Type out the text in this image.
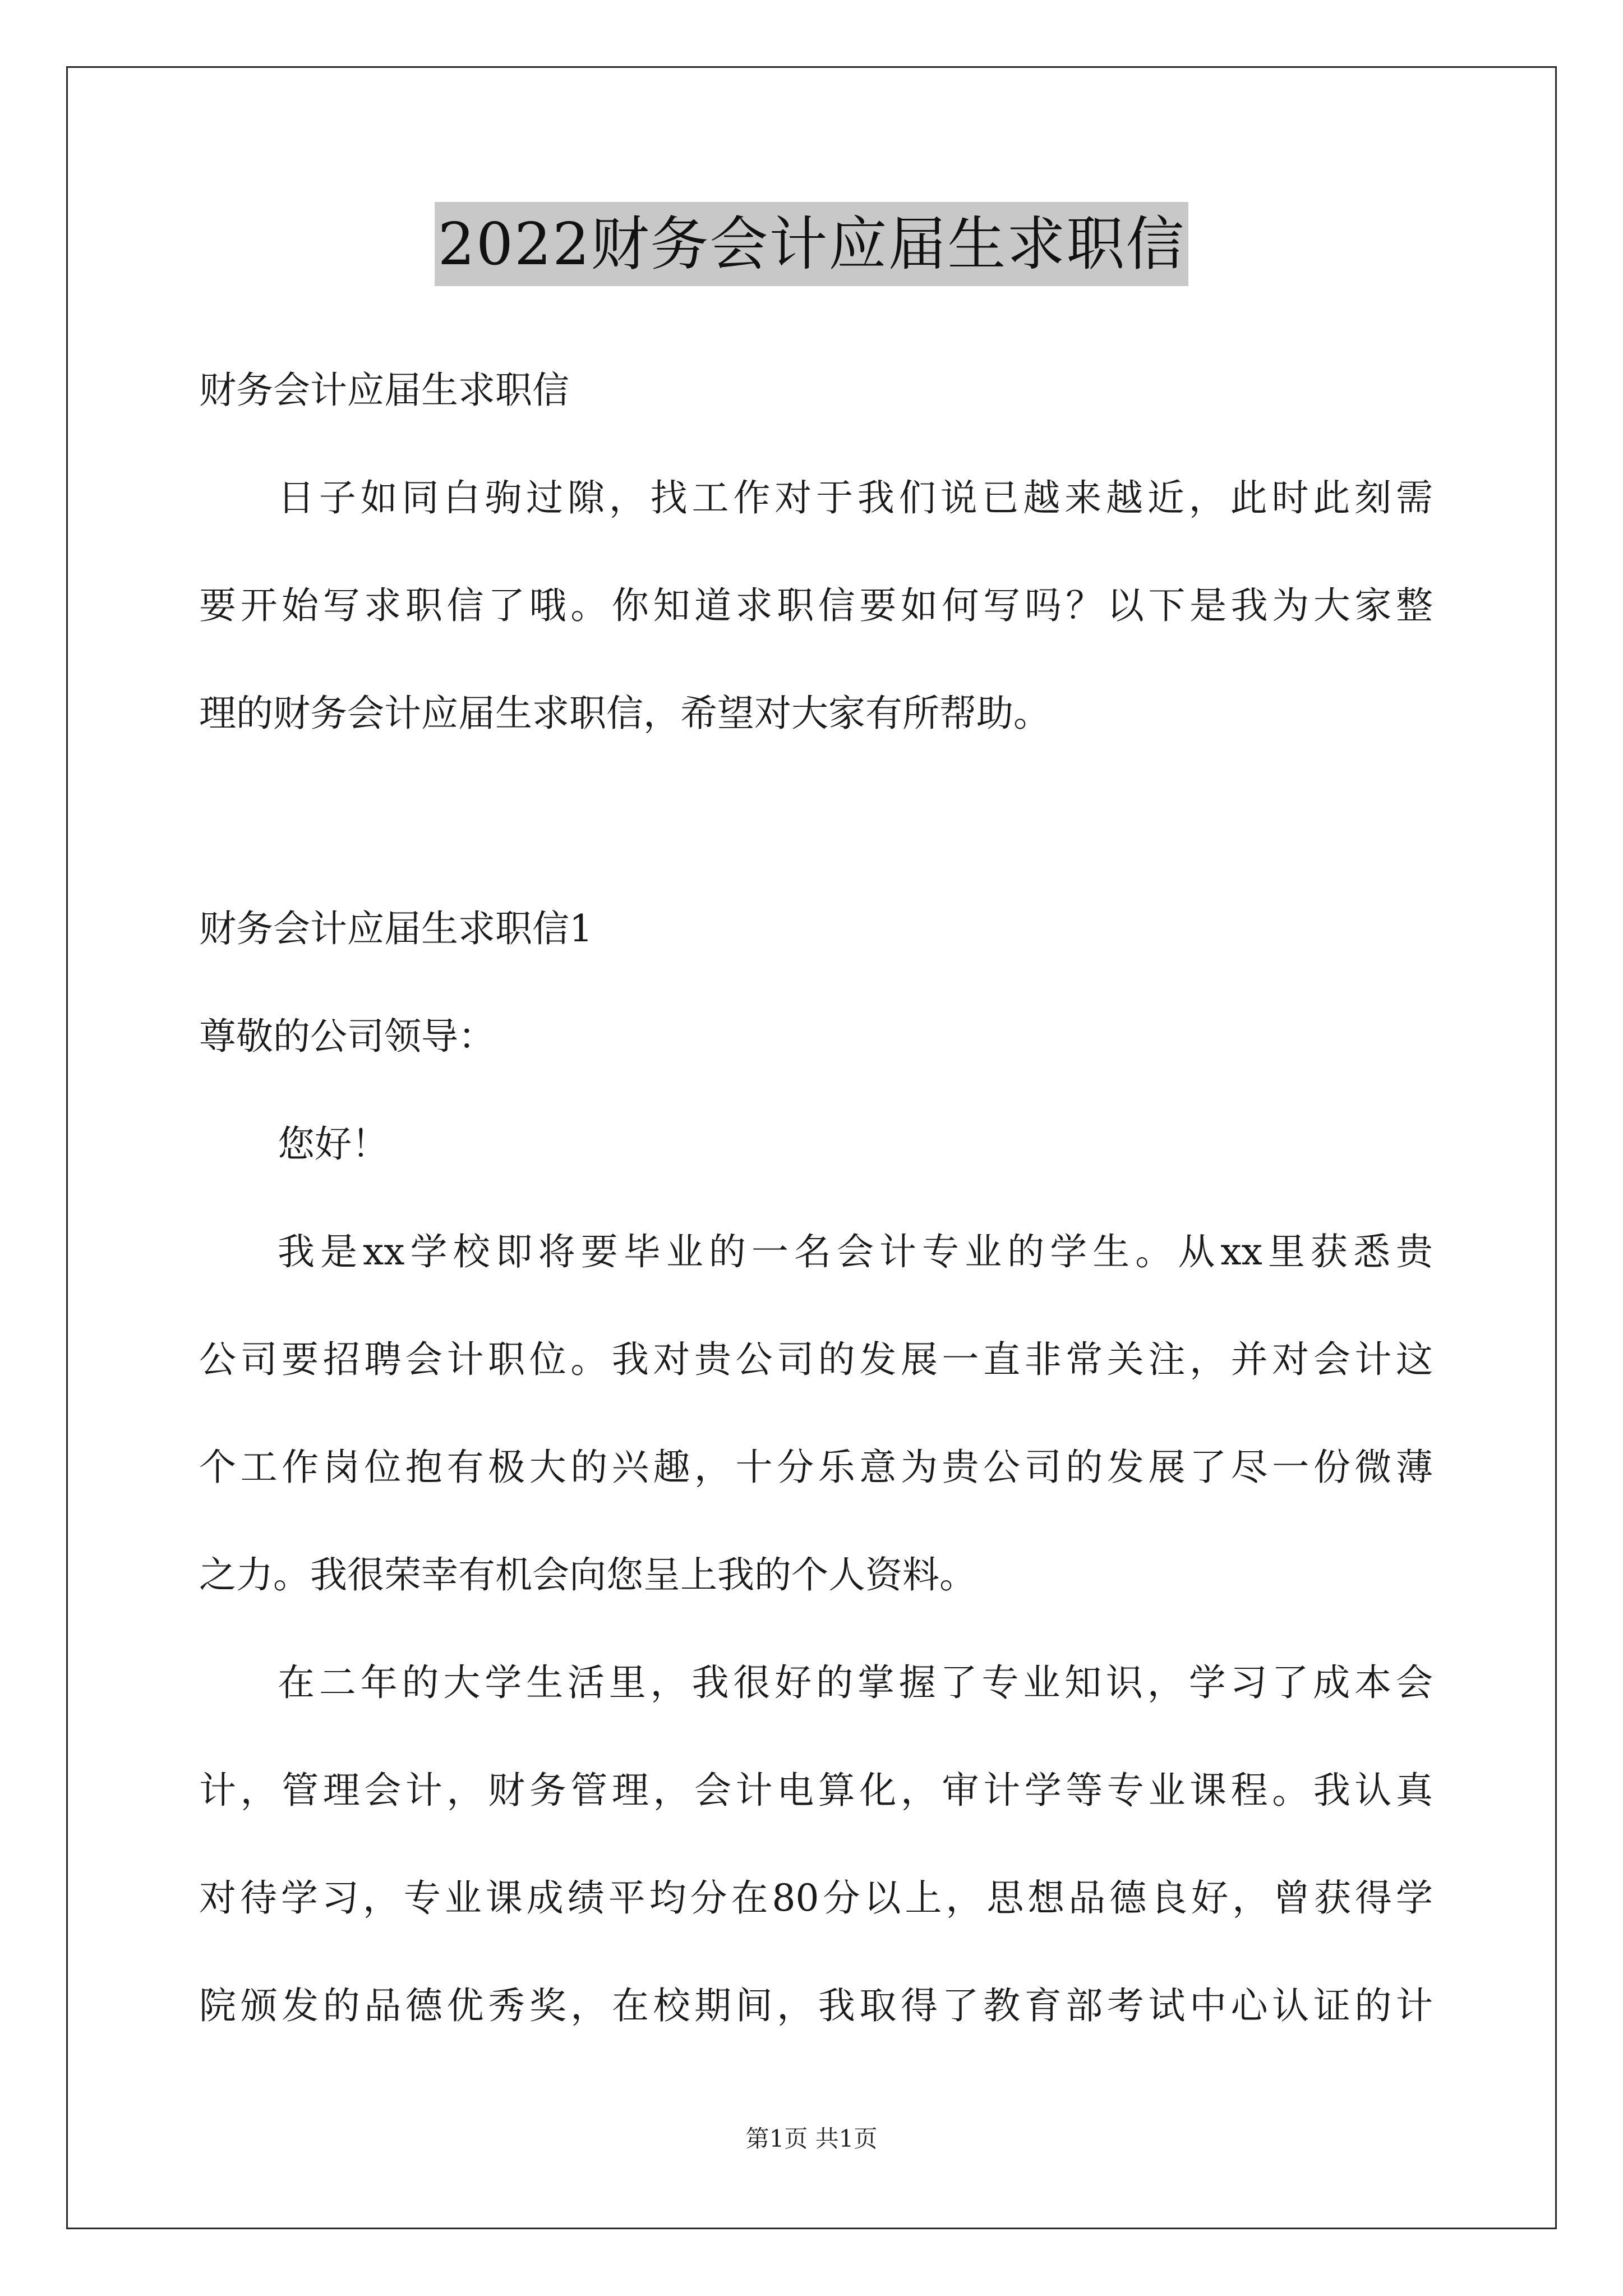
2022财务会计应届生求职信

财务会计应届生求职信

日子如同白驹过隙，找工作对于我们说已越来越近，此时此刻需

要开始写求职信了哦。你知道求职信要如何写吗？以下是我为大家整

理的财务会计应届生求职信，希望对大家有所帮助。

财务会计应届生求职信1

尊敬的公司领导：

您好！

我是xx学校即将要毕业的一名会计专业的学生。从xx里获悉贵

公司要招聘会计职位。我对贵公司的发展一直非常关注，并对会计这

个工作岗位抱有极大的兴趣，十分乐意为贵公司的发展了尽一份微薄

之力。我很荣幸有机会向您呈上我的个人资料。

在二年的大学生活里，我很好的掌握了专业知识，学习了成本会

计，管理会计，财务管理，会计电算化，审计学等专业课程。我认真

对待学习，专业课成绩平均分在80分以上，思想品德良好，曾获得学

院颁发的品德优秀奖，在校期间，我取得了教育部考试中心认证的计

第1页 共1页
